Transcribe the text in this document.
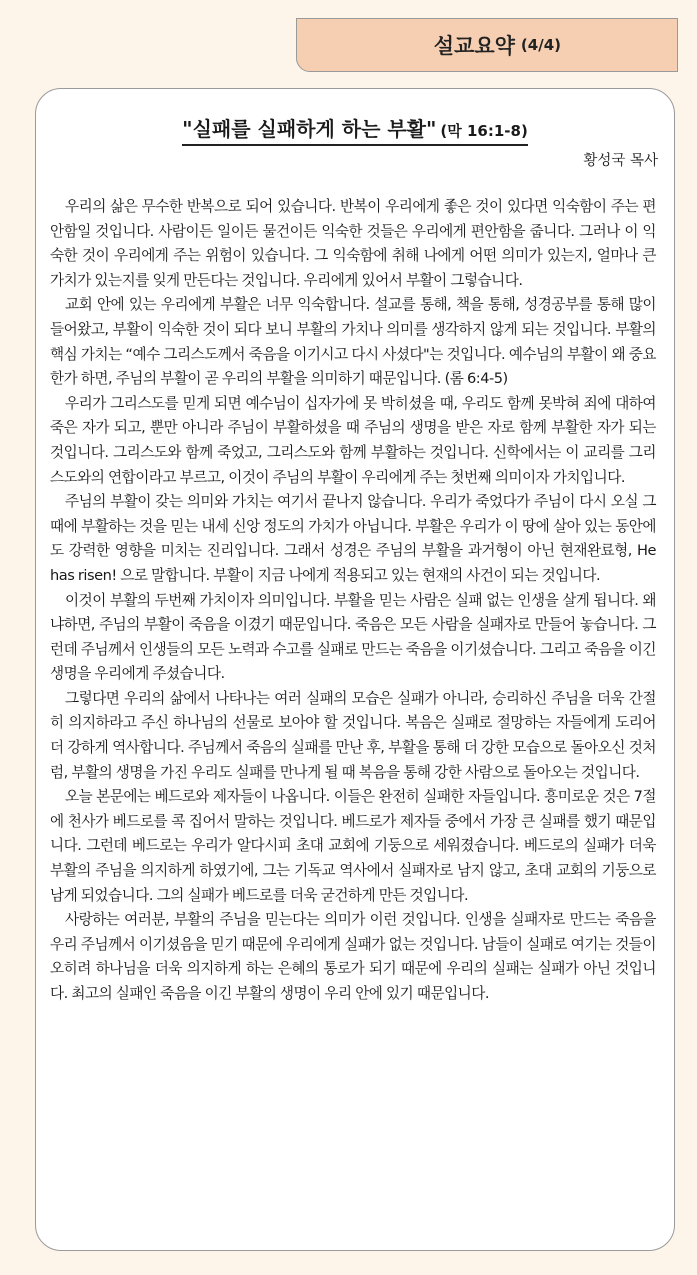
설교요약 (4/4)
"실패를 실패하게 하는 부활" (막 16:1-8)
황성국 목사

우리의 삶은 무수한 반복으로 되어 있습니다. 반복이 우리에게 좋은 것이 있다면 익숙함이 주는 편안함일 것입니다. 사람이든 일이든 물건이든 익숙한 것들은 우리에게 편안함을 줍니다. 그러나 이 익숙한 것이 우리에게 주는 위험이 있습니다. 그 익숙함에 취해 나에게 어떤 의미가 있는지, 얼마나 큰 가치가 있는지를 잊게 만든다는 것입니다. 우리에게 있어서 부활이 그렇습니다.

교회 안에 있는 우리에게 부활은 너무 익숙합니다. 설교를 통해, 책을 통해, 성경공부를 통해 많이 들어왔고, 부활이 익숙한 것이 되다 보니 부활의 가치나 의미를 생각하지 않게 되는 것입니다. 부활의 핵심 가치는 “예수 그리스도께서 죽음을 이기시고 다시 사셨다"는 것입니다. 예수님의 부활이 왜 중요한가 하면, 주님의 부활이 곧 우리의 부활을 의미하기 때문입니다. (롬 6:4-5)

우리가 그리스도를 믿게 되면 예수님이 십자가에 못 박히셨을 때, 우리도 함께 못박혀 죄에 대하여 죽은 자가 되고, 뿐만 아니라 주님이 부활하셨을 때 주님의 생명을 받은 자로 함께 부활한 자가 되는 것입니다. 그리스도와 함께 죽었고, 그리스도와 함께 부활하는 것입니다. 신학에서는 이 교리를 그리스도와의 연합이라고 부르고, 이것이 주님의 부활이 우리에게 주는 첫번째 의미이자 가치입니다.

주님의 부활이 갖는 의미와 가치는 여기서 끝나지 않습니다. 우리가 죽었다가 주님이 다시 오실 그 때에 부활하는 것을 믿는 내세 신앙 정도의 가치가 아닙니다. 부활은 우리가 이 땅에 살아 있는 동안에도 강력한 영향을 미치는 진리입니다. 그래서 성경은 주님의 부활을 과거형이 아닌 현재완료형, He has risen! 으로 말합니다. 부활이 지금 나에게 적용되고 있는 현재의 사건이 되는 것입니다.

이것이 부활의 두번째 가치이자 의미입니다. 부활을 믿는 사람은 실패 없는 인생을 살게 됩니다. 왜냐하면, 주님의 부활이 죽음을 이겼기 때문입니다. 죽음은 모든 사람을 실패자로 만들어 놓습니다. 그런데 주님께서 인생들의 모든 노력과 수고를 실패로 만드는 죽음을 이기셨습니다. 그리고 죽음을 이긴 생명을 우리에게 주셨습니다.

그렇다면 우리의 삶에서 나타나는 여러 실패의 모습은 실패가 아니라, 승리하신 주님을 더욱 간절히 의지하라고 주신 하나님의 선물로 보아야 할 것입니다. 복음은 실패로 절망하는 자들에게 도리어 더 강하게 역사합니다. 주님께서 죽음의 실패를 만난 후, 부활을 통해 더 강한 모습으로 돌아오신 것처럼, 부활의 생명을 가진 우리도 실패를 만나게 될 때 복음을 통해 강한 사람으로 돌아오는 것입니다.

오늘 본문에는 베드로와 제자들이 나옵니다. 이들은 완전히 실패한 자들입니다. 흥미로운 것은 7절에 천사가 베드로를 콕 집어서 말하는 것입니다. 베드로가 제자들 중에서 가장 큰 실패를 했기 때문입니다. 그런데 베드로는 우리가 알다시피 초대 교회에 기둥으로 세워졌습니다. 베드로의 실패가 더욱 부활의 주님을 의지하게 하였기에, 그는 기독교 역사에서 실패자로 남지 않고, 초대 교회의 기둥으로 남게 되었습니다. 그의 실패가 베드로를 더욱 굳건하게 만든 것입니다.

사랑하는 여러분, 부활의 주님을 믿는다는 의미가 이런 것입니다. 인생을 실패자로 만드는 죽음을 우리 주님께서 이기셨음을 믿기 때문에 우리에게 실패가 없는 것입니다. 남들이 실패로 여기는 것들이 오히려 하나님을 더욱 의지하게 하는 은혜의 통로가 되기 때문에 우리의 실패는 실패가 아닌 것입니다. 최고의 실패인 죽음을 이긴 부활의 생명이 우리 안에 있기 때문입니다.
